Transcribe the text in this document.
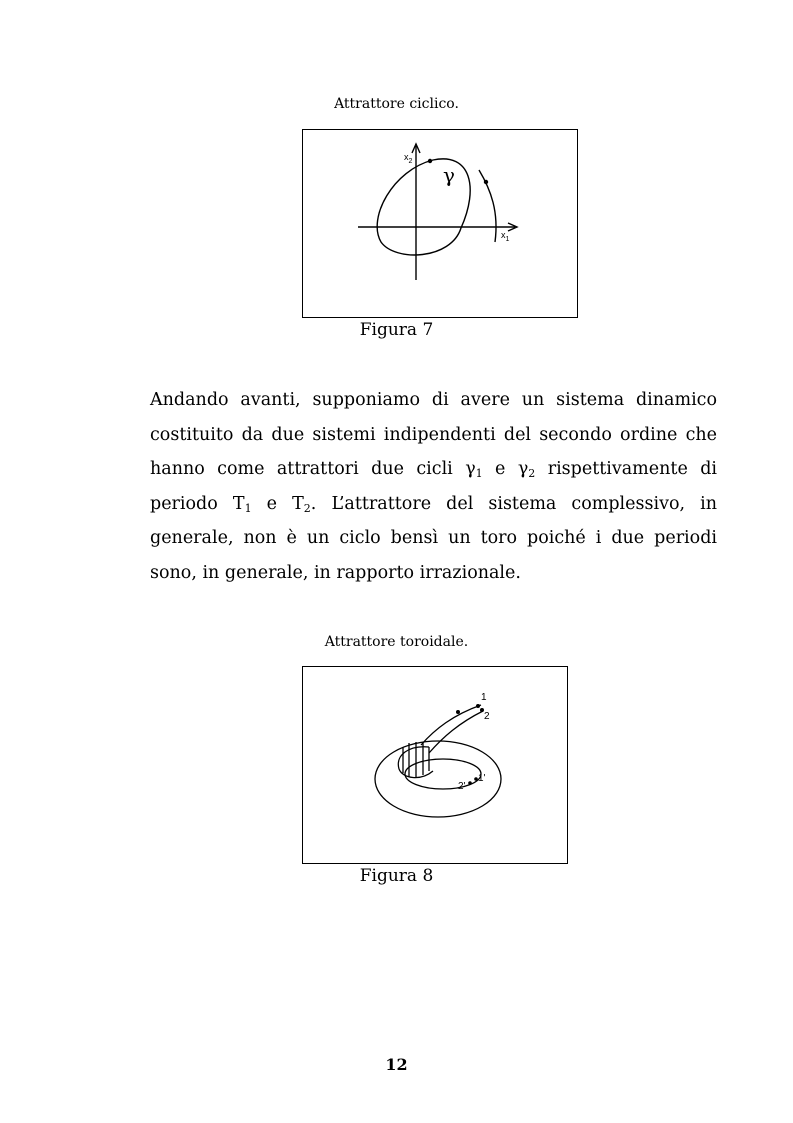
Attrattore ciclico.
$x_2$
$x_1$
γ
Figura 7

Andando avanti, supponiamo di avere un sistema dinamico costituito da due sistemi indipendenti del secondo ordine che hanno come attrattori due cicli $\gamma_1$ e $\gamma_2$ rispettivamente di periodo $T_1$ e $T_2$. L’attrattore del sistema complessivo, in generale, non è un ciclo bensì un toro poiché i due periodi sono, in generale, in rapporto irrazionale.

Attrattore toroidale.
1
2
1'
2'
Figura 8
12
